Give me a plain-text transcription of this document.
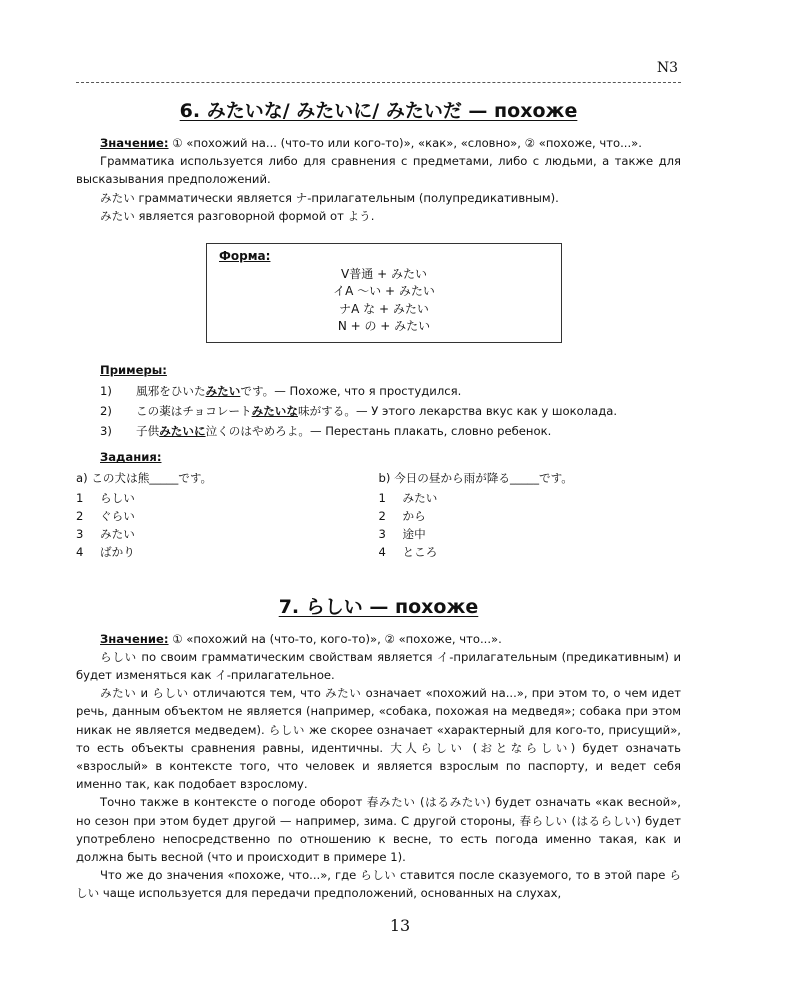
N3
6. みたいな/ みたいに/ みたいだ — похоже

Значение: ① «похожий на... (что-то или кого-то)», «как», «словно», ② «похоже, что...».

Грамматика используется либо для сравнения с предметами, либо с людьми, а также для высказывания предположений.

みたい грамматически является ナ-прилагательным (полупредикативным).

みたい является разговорной формой от よう.

Форма:
V普通 + みたい
イA ～い + みたい
ナA な + みたい
N + の + みたい
Примеры:
1)	風邪をひいたみたいです。— Похоже, что я простудился.
2)	この薬はチョコレートみたいな味がする。— У этого лекарства вкус как у шоколада.
3)	子供みたいに泣くのはやめろよ。— Перестань плакать, словно ребенок.
Задания:
a) この犬は熊_____です。
1	らしい
2	ぐらい
3	みたい
4	ばかり
b) 今日の昼から雨が降る_____です。
1	みたい
2	から
3	途中
4	ところ
7. らしい — похоже

Значение: ① «похожий на (что-то, кого-то)», ② «похоже, что...».

らしい по своим грамматическим свойствам является イ-прилагательным (предикативным) и будет изменяться как イ-прилагательное.

みたい и らしい отличаются тем, что みたい означает «похожий на...», при этом то, о чем идет речь, данным объектом не является (например, «собака, похожая на медведя»; собака при этом никак не является медведем). らしい же скорее означает «характерный для кого-то, присущий», то есть объекты сравнения равны, идентичны. 大人らしい (おとならしい) будет означать «взрослый» в контексте того, что человек и является взрослым по паспорту, и ведет себя именно так, как подобает взрослому.

Точно также в контексте о погоде оборот 春みたい (はるみたい) будет означать «как весной», но сезон при этом будет другой — например, зима. С другой стороны, 春らしい (はるらしい) будет употреблено непосредственно по отношению к весне, то есть погода именно такая, как и должна быть весной (что и происходит в примере 1).

Что же до значения «похоже, что...», где らしい ставится после сказуемого, то в этой паре らしい чаще используется для передачи предположений, основанных на слухах,

13
